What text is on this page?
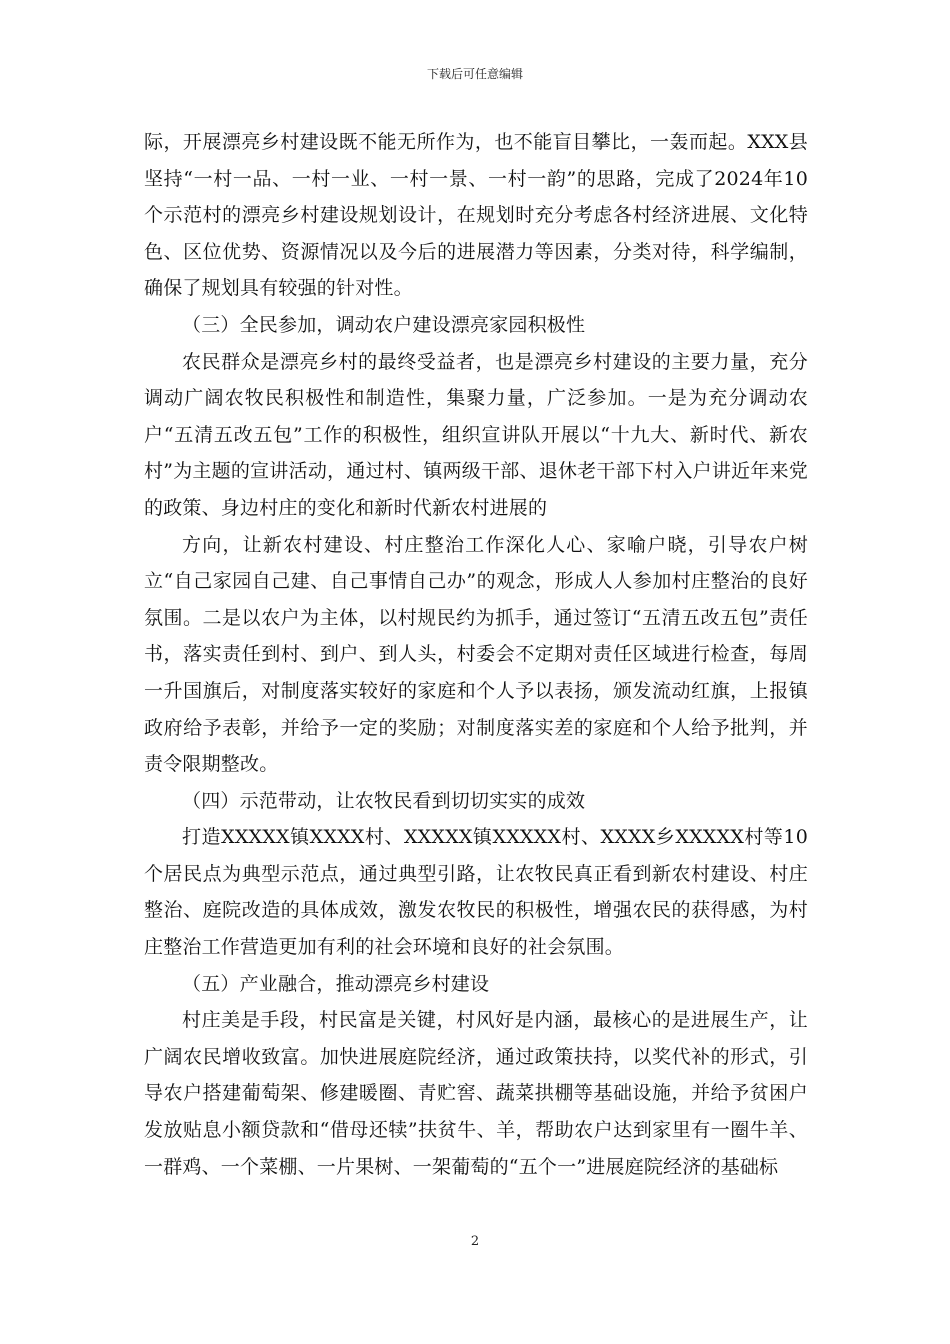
下载后可任意编辑

际，开展漂亮乡村建设既不能无所作为，也不能盲目攀比，一轰而起。XXX县坚持“一村一品、一村一业、一村一景、一村一韵”的思路，完成了2024年10个示范村的漂亮乡村建设规划设计，在规划时充分考虑各村经济进展、文化特色、区位优势、资源情况以及今后的进展潜力等因素，分类对待，科学编制，确保了规划具有较强的针对性。

（三）全民参加，调动农户建设漂亮家园积极性

农民群众是漂亮乡村的最终受益者，也是漂亮乡村建设的主要力量，充分调动广阔农牧民积极性和制造性，集聚力量，广泛参加。一是为充分调动农户“五清五改五包”工作的积极性，组织宣讲队开展以“十九大、新时代、新农村”为主题的宣讲活动，通过村、镇两级干部、退休老干部下村入户讲近年来党的政策、身边村庄的变化和新时代新农村进展的

方向，让新农村建设、村庄整治工作深化人心、家喻户晓，引导农户树立“自己家园自己建、自己事情自己办”的观念，形成人人参加村庄整治的良好氛围。二是以农户为主体，以村规民约为抓手，通过签订“五清五改五包”责任书，落实责任到村、到户、到人头，村委会不定期对责任区域进行检查，每周一升国旗后，对制度落实较好的家庭和个人予以表扬，颁发流动红旗，上报镇政府给予表彰，并给予一定的奖励；对制度落实差的家庭和个人给予批判，并责令限期整改。

（四）示范带动，让农牧民看到切切实实的成效

打造XXXXX镇XXXX村、XXXXX镇XXXXX村、XXXX乡XXXXX村等10个居民点为典型示范点，通过典型引路，让农牧民真正看到新农村建设、村庄整治、庭院改造的具体成效，激发农牧民的积极性，增强农民的获得感，为村庄整治工作营造更加有利的社会环境和良好的社会氛围。

（五）产业融合，推动漂亮乡村建设

村庄美是手段，村民富是关键，村风好是内涵，最核心的是进展生产，让广阔农民增收致富。加快进展庭院经济，通过政策扶持，以奖代补的形式，引导农户搭建葡萄架、修建暖圈、青贮窖、蔬菜拱棚等基础设施，并给予贫困户发放贴息小额贷款和“借母还犊”扶贫牛、羊，帮助农户达到家里有一圈牛羊、一群鸡、一个菜棚、一片果树、一架葡萄的“五个一”进展庭院经济的基础标

2
